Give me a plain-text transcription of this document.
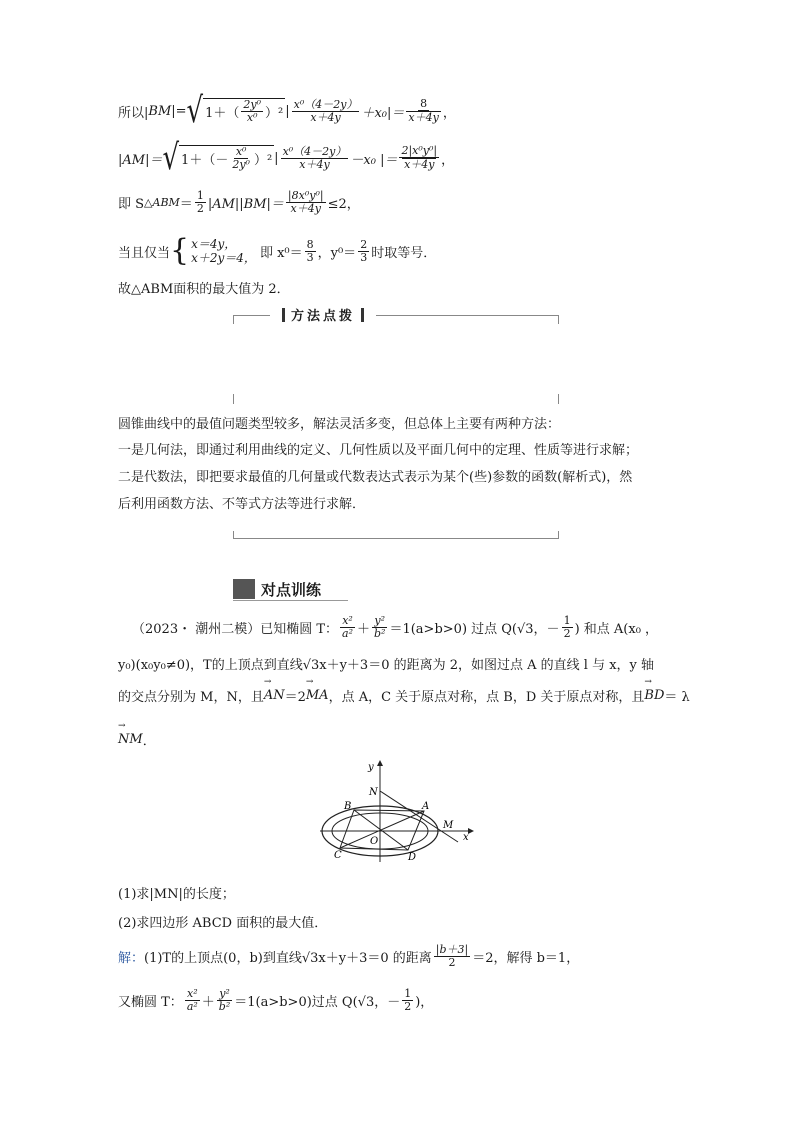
所以| BM |= √ $1+( \frac{\text{2y⁰}}{\text{x⁰}} )^2$ | $\frac{\text{x⁰（4－2y）}}{x+4y} +x_0|= \frac{8}{x+4y}$ ，
|AM|＝ √ $1+(- \frac{\text{x⁰}}{\text{2y⁰}} )^2$ | $\frac{\text{x⁰（4－2y）}}{x+4y} -x_0$ |＝ $\frac{\text{2|x⁰y⁰|}}{x+4y}$ ，
即 S △ABM ＝ $\frac{1}{2} |AM||BM|= \frac{\text{|8x⁰y⁰|}}{x+4y} \le 2$，
当且仅当 { x＝4y，
x＋2y＝4， 即 $x^0= \frac{8}{3}$ ，$y^0= \frac{2}{3}$ 时取等号．
故△ABM面积的最大值为 2．
方法点拨
圆锥曲线中的最值问题类型较多，解法灵活多变，但总体上主要有两种方法：
一是几何法，即通过利用曲线的定义、几何性质以及平面几何中的定理、性质等进行求解；
二是代数法，即把要求最值的几何量或代数表达式表示为某个(些)参数的函数(解析式)，然
后利用函数方法、不等式方法等进行求解．
对点训练
（2023・ 潮州二模）已知椭圆 T： $\frac{\text{x²}}{\text{a²}} + \frac{\text{y²}}{\text{b²}} =1(a>b>0)$ 过点 Q(√3，－ $\frac{1}{2}$ ) 和点 A(x₀ ，
y₀)(x₀y₀≠0)，T的上顶点到直线√3x＋y＋3＝0 的距离为 2，如图过点 A 的直线 l 与 x，y 轴
的交点分别为 M，N，且 → AN ＝2 → MA ，点 A，C 关于原点对称，点 B，D 关于原点对称，且 → BD ＝ λ
→ NM ．
y
x
N
A
B
M
O
C	D
(1)求|MN|的长度；
(2)求四边形 ABCD 面积的最大值．
解： (1)T的上顶点(0，b)到直线√3x＋y＋3＝0 的距离 $\frac{|b+3|}{2} =2$，解得 b＝1，
又椭圆 T： $\frac{\text{x²}}{\text{a²}} + \frac{\text{y²}}{\text{b²}} =1(a>b>0)$过点 Q(√3，－ $\frac{1}{2}$ )，
